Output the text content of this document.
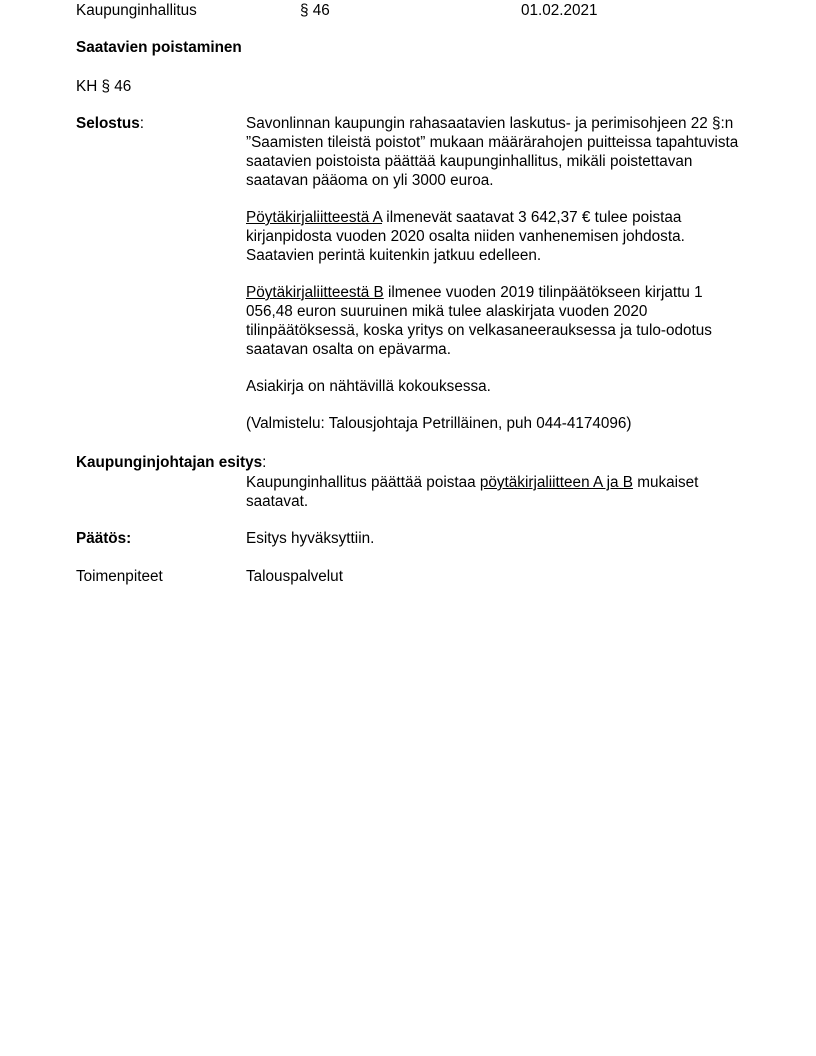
Kaupunginhallitus	§ 46	01.02.2021
Saatavien poistaminen
KH § 46
Selostus:	Savonlinnan kaupungin rahasaatavien laskutus- ja perimisohjeen 22 §:n ”Saamisten tileistä poistot” mukaan määrärahojen puitteissa tapahtuvista saatavien poistoista päättää kaupunginhallitus, mikäli poistettavan saatavan pääoma on yli 3000 euroa.

Pöytäkirjaliitteestä A ilmenevät saatavat 3 642,37 € tulee poistaa kirjanpidosta vuoden 2020 osalta niiden vanhenemisen johdosta. Saatavien perintä kuitenkin jatkuu edelleen.

Pöytäkirjaliitteestä B ilmenee vuoden 2019 tilinpäätökseen kirjattu 1 056,48 euron suuruinen mikä tulee alaskirjata vuoden 2020 tilinpäätöksessä, koska yritys on velkasaneerauksessa ja tulo-odotus saatavan osalta on epävarma.

Asiakirja on nähtävillä kokouksessa.

(Valmistelu: Talousjohtaja Petrilläinen, puh 044-4174096)

Kaupunginjohtajan esitys:

Kaupunginhallitus päättää poistaa pöytäkirjaliitteen A ja B mukaiset saatavat.

Päätös:	Esitys hyväksyttiin.
Toimenpiteet	Talouspalvelut
